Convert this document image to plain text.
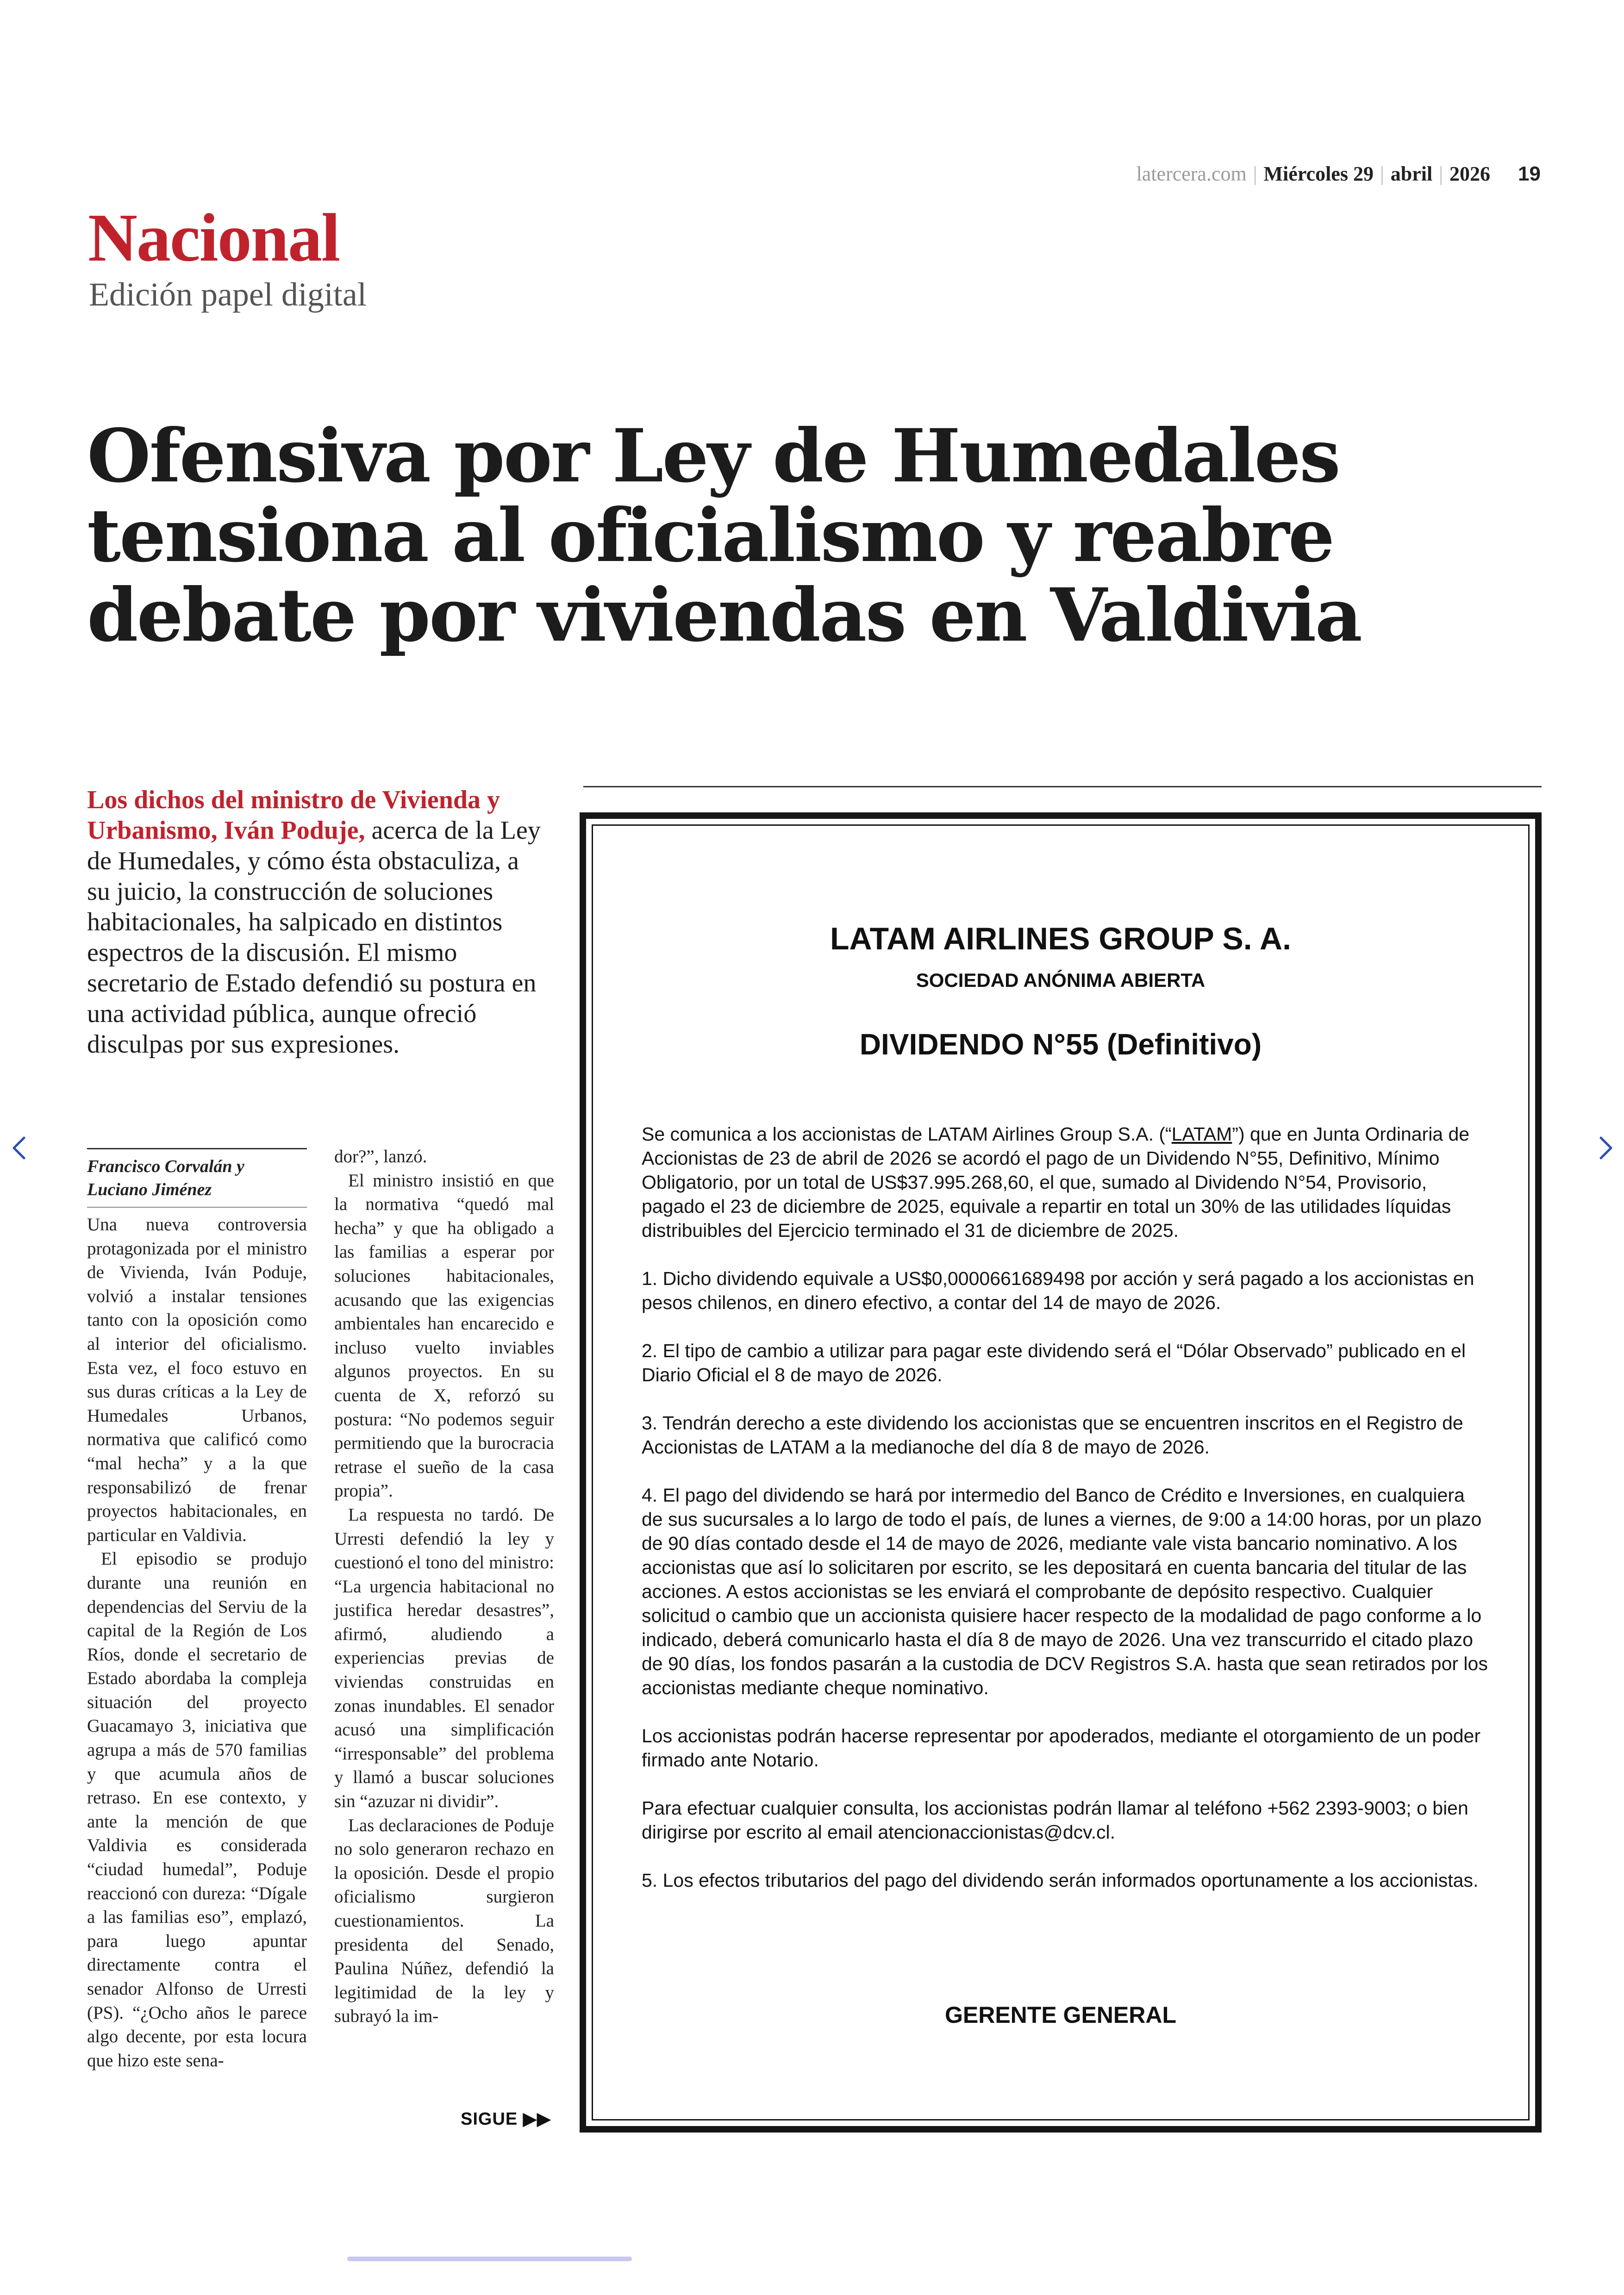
latercera.com | Miércoles 29 | abril | 2026 19
Nacional
Edición papel digital
Ofensiva por Ley de Humedales tensiona al oficialismo y reabre debate por viviendas en Valdivia
Los dichos del ministro de Vivienda y Urbanismo, Iván Poduje, acerca de la Ley de Humedales, y cómo ésta obstaculiza, a su juicio, la construcción de soluciones habitacionales, ha salpicado en distintos espectros de la discusión. El mismo secretario de Estado defendió su postura en una actividad pública, aunque ofreció disculpas por sus expresiones.
Francisco Corvalán y Luciano Jiménez

Una nueva controversia protagonizada por el ministro de Vivienda, Iván Poduje, volvió a instalar tensiones tanto con la oposición como al interior del oficialismo. Esta vez, el foco estuvo en sus duras críticas a la Ley de Humedales Urbanos, normativa que calificó como “mal hecha” y a la que responsabilizó de frenar proyectos habitacionales, en particular en Valdivia.

El episodio se produjo durante una reunión en dependencias del Serviu de la capital de la Región de Los Ríos, donde el secretario de Estado abordaba la compleja situación del proyecto Guacamayo 3, iniciativa que agrupa a más de 570 familias y que acumula años de retraso. En ese contexto, y ante la mención de que Valdivia es considerada “ciudad humedal”, Poduje reaccionó con dureza: “Dígale a las familias eso”, emplazó, para luego apuntar directamente contra el senador Alfonso de Urresti (PS). “¿Ocho años le parece algo decente, por esta locura que hizo este sena-

dor?”, lanzó.

El ministro insistió en que la normativa “quedó mal hecha” y que ha obligado a las familias a esperar por soluciones habitacionales, acusando que las exigencias ambientales han encarecido e incluso vuelto inviables algunos proyectos. En su cuenta de X, reforzó su postura: “No podemos seguir permitiendo que la burocracia retrase el sueño de la casa propia”.

La respuesta no tardó. De Urresti defendió la ley y cuestionó el tono del ministro: “La urgencia habitacional no justifica heredar desastres”, afirmó, aludiendo a experiencias previas de viviendas construidas en zonas inundables. El senador acusó una simplificación “irresponsable” del problema y llamó a buscar soluciones sin “azuzar ni dividir”.

Las declaraciones de Poduje no solo generaron rechazo en la oposición. Desde el propio oficialismo surgieron cuestionamientos. La presidenta del Senado, Paulina Núñez, defendió la legitimidad de la ley y subrayó la im-

SIGUE ▶▶
LATAM AIRLINES GROUP S. A.
SOCIEDAD ANÓNIMA ABIERTA
DIVIDENDO N°55 (Definitivo)

Se comunica a los accionistas de LATAM Airlines Group S.A. (“LATAM”) que en Junta Ordinaria de Accionistas de 23 de abril de 2026 se acordó el pago de un Dividendo N°55, Definitivo, Mínimo Obligatorio, por un total de US$37.995.268,60, el que, sumado al Dividendo N°54, Provisorio, pagado el 23 de diciembre de 2025, equivale a repartir en total un 30% de las utilidades líquidas distribuibles del Ejercicio terminado el 31 de diciembre de 2025.

1. Dicho dividendo equivale a US$0,0000661689498 por acción y será pagado a los accionistas en pesos chilenos, en dinero efectivo, a contar del 14 de mayo de 2026.

2. El tipo de cambio a utilizar para pagar este dividendo será el “Dólar Observado” publicado en el Diario Oficial el 8 de mayo de 2026.

3. Tendrán derecho a este dividendo los accionistas que se encuentren inscritos en el Registro de Accionistas de LATAM a la medianoche del día 8 de mayo de 2026.

4. El pago del dividendo se hará por intermedio del Banco de Crédito e Inversiones, en cualquiera de sus sucursales a lo largo de todo el país, de lunes a viernes, de 9:00 a 14:00 horas, por un plazo de 90 días contado desde el 14 de mayo de 2026, mediante vale vista bancario nominativo. A los accionistas que así lo solicitaren por escrito, se les depositará en cuenta bancaria del titular de las acciones. A estos accionistas se les enviará el comprobante de depósito respectivo. Cualquier solicitud o cambio que un accionista quisiere hacer respecto de la modalidad de pago conforme a lo indicado, deberá comunicarlo hasta el día 8 de mayo de 2026. Una vez transcurrido el citado plazo de 90 días, los fondos pasarán a la custodia de DCV Registros S.A. hasta que sean retirados por los accionistas mediante cheque nominativo.

Los accionistas podrán hacerse representar por apoderados, mediante el otorgamiento de un poder firmado ante Notario.

Para efectuar cualquier consulta, los accionistas podrán llamar al teléfono +562 2393-9003; o bien dirigirse por escrito al email atencionaccionistas@dcv.cl.

5. Los efectos tributarios del pago del dividendo serán informados oportunamente a los accionistas.

GERENTE GENERAL
